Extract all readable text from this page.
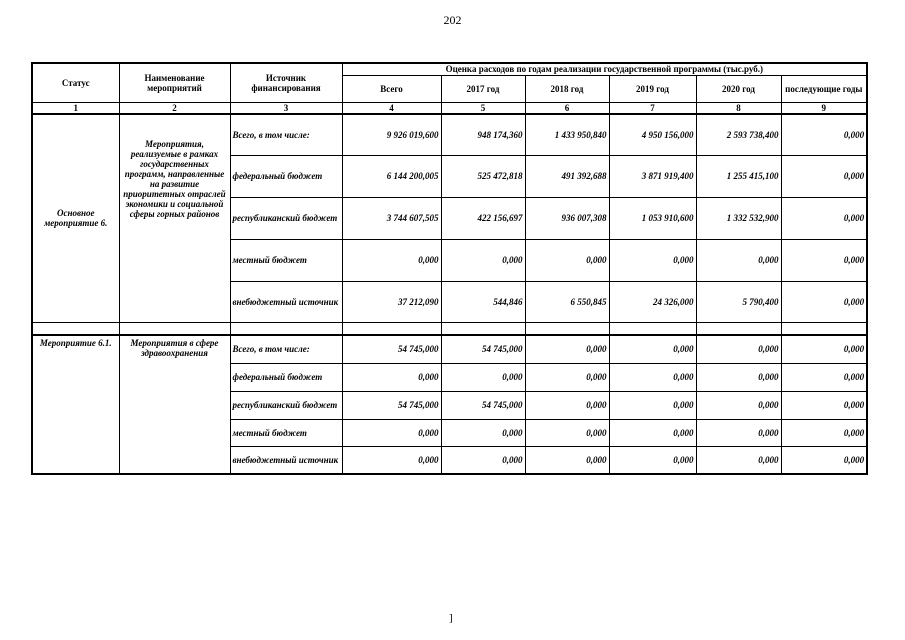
202
Статус	Наименование мероприятий	Источник финансирования	Оценка расходов по годам реализации государственной программы (тыс.руб.)					
			Всего	2017 год	2018 год	2019 год	2020 год	последующие годы
1	2	3	4	5	6	7	8	9
Основное мероприятие 6.	Мероприятия, реализуемые в рамках государственных программ, направленные на развитие приоритетных отраслей экономики и социальной сферы горных районов	Всего, в том числе:	9 926 019,600	948 174,360	1 433 950,840	4 950 156,000	2 593 738,400	0,000
		федеральный бюджет	6 144 200,005	525 472,818	491 392,688	3 871 919,400	1 255 415,100	0,000
		республиканский бюджет	3 744 607,505	422 156,697	936 007,308	1 053 910,600	1 332 532,900	0,000
		местный бюджет	0,000	0,000	0,000	0,000	0,000	0,000
		внебюджетный источник	37 212,090	544,846	6 550,845	24 326,000	5 790,400	0,000

Мероприятие 6.1.	Мероприятия в сфере здравоохранения	Всего, в том числе:	54 745,000	54 745,000	0,000	0,000	0,000	0,000
		федеральный бюджет	0,000	0,000	0,000	0,000	0,000	0,000
		республиканский бюджет	54 745,000	54 745,000	0,000	0,000	0,000	0,000
		местный бюджет	0,000	0,000	0,000	0,000	0,000	0,000
		внебюджетный источник	0,000	0,000	0,000	0,000	0,000	0,000
]
